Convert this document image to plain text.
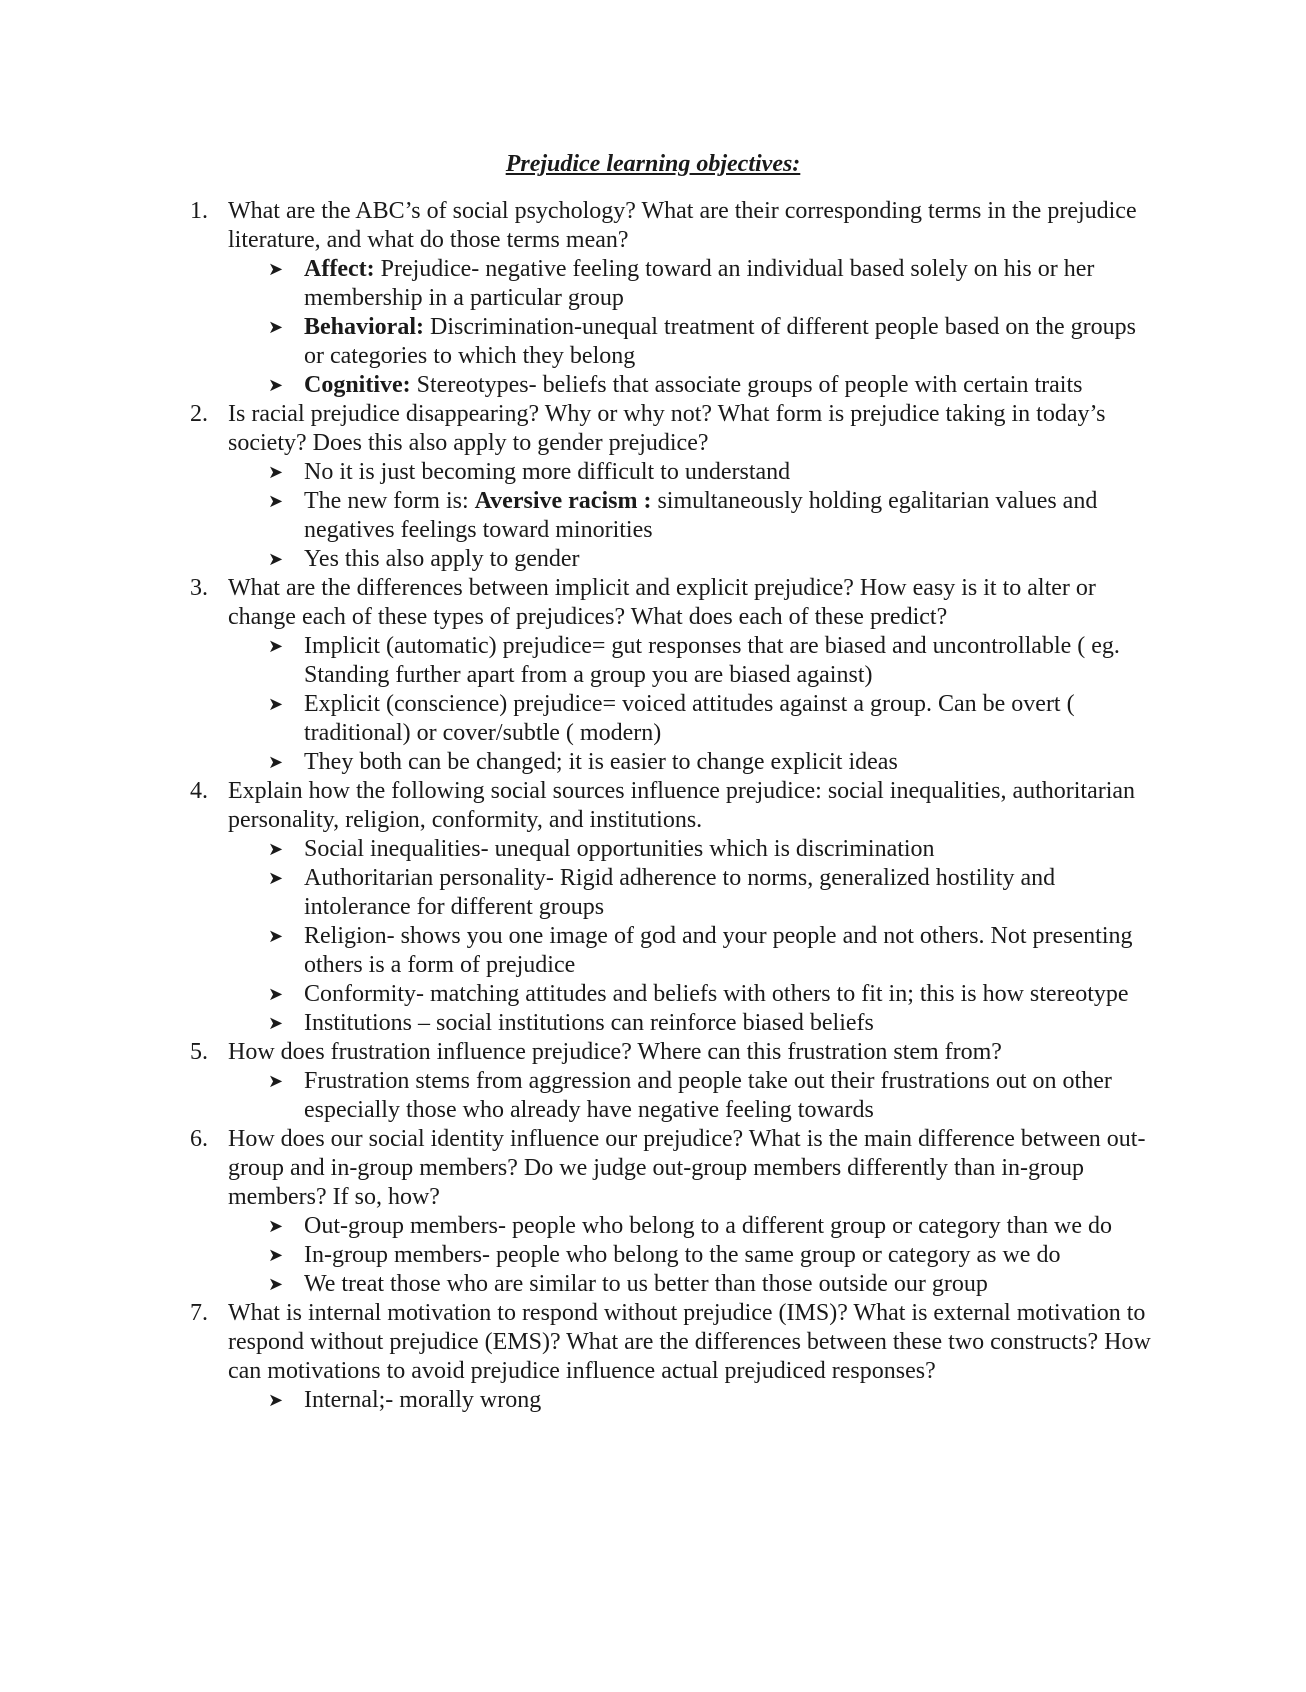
Prejudice learning objectives:
1. What are the ABC’s of social psychology? What are their corresponding terms in the prejudice literature, and what do those terms mean?
➤ Affect: Prejudice- negative feeling toward an individual based solely on his or her membership in a particular group
➤ Behavioral: Discrimination-unequal treatment of different people based on the groups or categories to which they belong
➤ Cognitive: Stereotypes- beliefs that associate groups of people with certain traits
2. Is racial prejudice disappearing? Why or why not? What form is prejudice taking in today’s society? Does this also apply to gender prejudice?
➤ No it is just becoming more difficult to understand
➤ The new form is: Aversive racism : simultaneously holding egalitarian values and negatives feelings toward minorities
➤ Yes this also apply to gender
3. What are the differences between implicit and explicit prejudice? How easy is it to alter or change each of these types of prejudices? What does each of these predict?
➤ Implicit (automatic) prejudice= gut responses that are biased and uncontrollable ( eg. Standing further apart from a group you are biased against)
➤ Explicit (conscience) prejudice= voiced attitudes against a group. Can be overt ( traditional) or cover/subtle ( modern)
➤ They both can be changed; it is easier to change explicit ideas
4. Explain how the following social sources influence prejudice: social inequalities, authoritarian personality, religion, conformity, and institutions.
➤ Social inequalities- unequal opportunities which is discrimination
➤ Authoritarian personality- Rigid adherence to norms, generalized hostility and intolerance for different groups
➤ Religion- shows you one image of god and your people and not others. Not presenting others is a form of prejudice
➤ Conformity- matching attitudes and beliefs with others to fit in; this is how stereotype
➤ Institutions – social institutions can reinforce biased beliefs
5. How does frustration influence prejudice? Where can this frustration stem from?
➤ Frustration stems from aggression and people take out their frustrations out on other especially those who already have negative feeling towards
6. How does our social identity influence our prejudice? What is the main difference between out-group and in-group members? Do we judge out-group members differently than in-group members? If so, how?
➤ Out-group members- people who belong to a different group or category than we do
➤ In-group members- people who belong to the same group or category as we do
➤ We treat those who are similar to us better than those outside our group
7. What is internal motivation to respond without prejudice (IMS)? What is external motivation to respond without prejudice (EMS)? What are the differences between these two constructs? How can motivations to avoid prejudice influence actual prejudiced responses?
➤ Internal;- morally wrong
